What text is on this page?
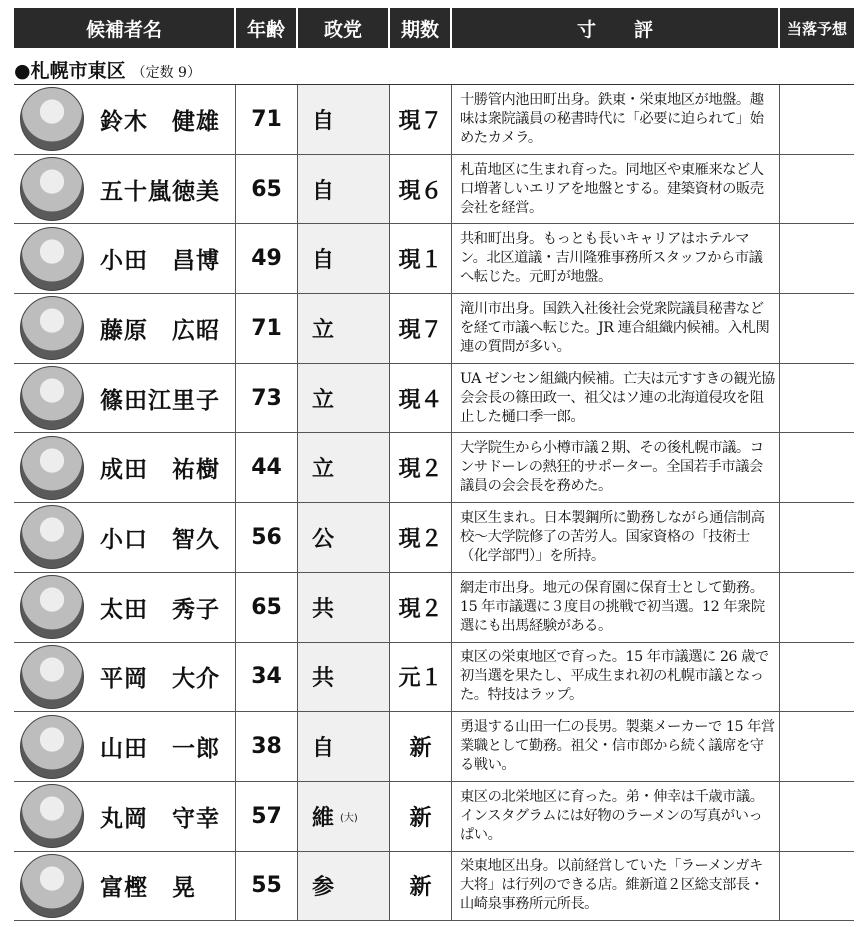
候補者名	年齢	政党	期数	寸　　評	当落予想
●札幌市東区 （定数 9）
鈴木　健雄	71	自	現７
十勝管内池田町出身。鉄東・栄東地区が地盤。趣味は衆院議員の秘書時代に「必要に迫られて」始めたカメラ。
五十嵐徳美	65	自	現６
札苗地区に生まれ育った。同地区や東雁来など人口増著しいエリアを地盤とする。建築資材の販売会社を経営。
小田　昌博	49	自	現１
共和町出身。もっとも長いキャリアはホテルマン。北区道議・吉川隆雅事務所スタッフから市議へ転じた。元町が地盤。
藤原　広昭	71	立	現７
滝川市出身。国鉄入社後社会党衆院議員秘書などを経て市議へ転じた。JR 連合組織内候補。入札関連の質問が多い。
篠田江里子	73	立	現４
UA ゼンセン組織内候補。亡夫は元すすきの観光協会会長の篠田政一、祖父はソ連の北海道侵攻を阻止した樋口季一郎。
成田　祐樹	44	立	現２
大学院生から小樽市議２期、その後札幌市議。コンサドーレの熱狂的サポーター。全国若手市議会議員の会会長を務めた。
小口　智久	56	公	現２
東区生まれ。日本製鋼所に勤務しながら通信制高校～大学院修了の苦労人。国家資格の「技術士（化学部門）」を所持。
太田　秀子	65	共	現２
網走市出身。地元の保育園に保育士として勤務。15 年市議選に３度目の挑戦で初当選。12 年衆院選にも出馬経験がある。
平岡　大介	34	共	元１
東区の栄東地区で育った。15 年市議選に 26 歳で初当選を果たし、平成生まれ初の札幌市議となった。特技はラップ。
山田　一郎	38	自	新
勇退する山田一仁の長男。製薬メーカーで 15 年営業職として勤務。祖父・信市郎から続く議席を守る戦い。
丸岡　守幸	57	維 (大)	新
東区の北栄地区に育った。弟・伸幸は千歳市議。インスタグラムには好物のラーメンの写真がいっぱい。
富樫　晃	55	参	新
栄東地区出身。以前経営していた「ラーメンガキ大将」は行列のできる店。維新道２区総支部長・山崎泉事務所元所長。
